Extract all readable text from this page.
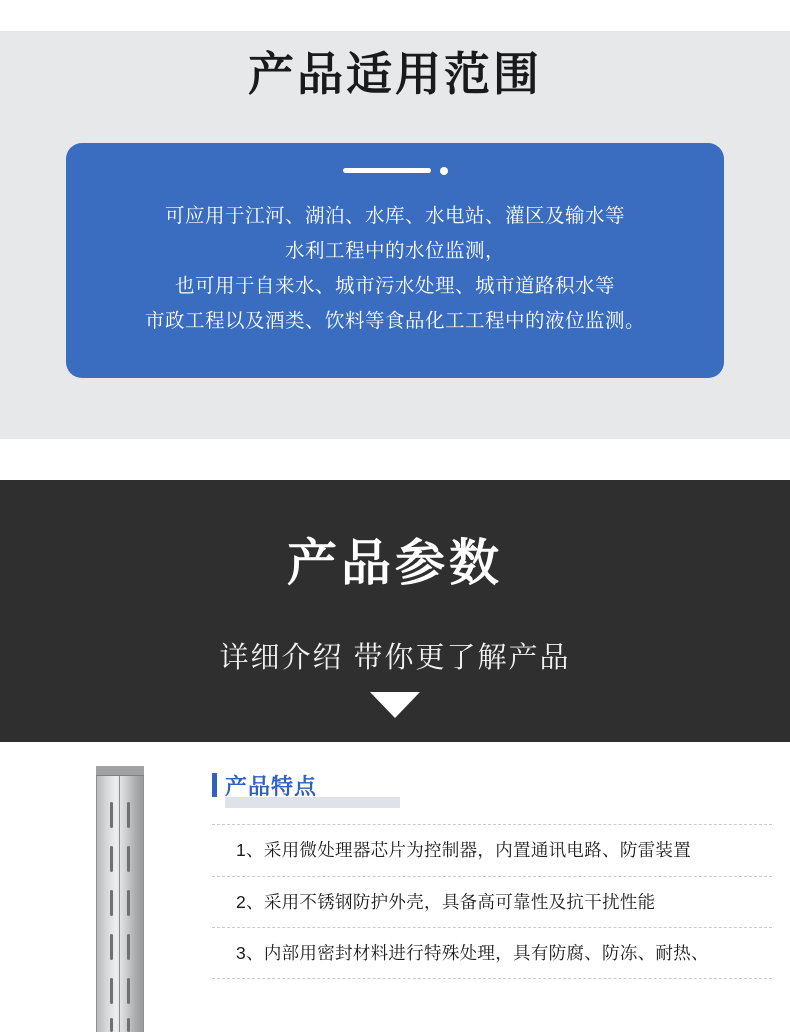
产品适用范围
可应用于江河、湖泊、水库、水电站、灌区及输水等
水利工程中的水位监测，
也可用于自来水、城市污水处理、城市道路积水等
市政工程以及酒类、饮料等食品化工工程中的液位监测。
产品参数
详细介绍 带你更了解产品
产品特点
1、采用微处理器芯片为控制器，内置通讯电路、防雷装置
2、采用不锈钢防护外壳，具备高可靠性及抗干扰性能
3、内部用密封材料进行特殊处理，具有防腐、防冻、耐热、
